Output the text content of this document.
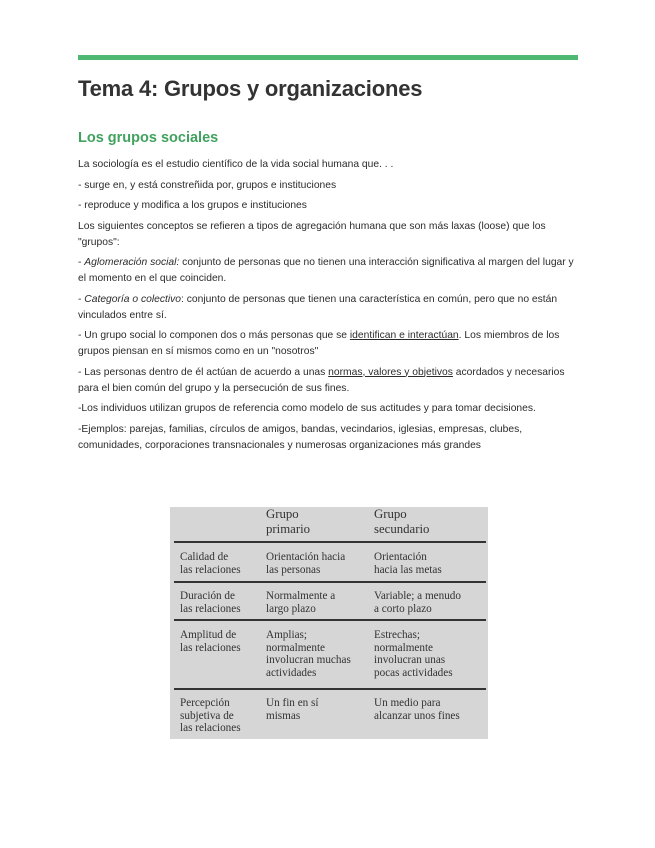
Tema 4: Grupos y organizaciones
Los grupos sociales

La sociología es el estudio científico de la vida social humana que. . .

- surge en, y está constreñida por, grupos e instituciones

- reproduce y modifica a los grupos e instituciones

Los siguientes conceptos se refieren a tipos de agregación humana que son más laxas (loose) que los "grupos":

- Aglomeración social: conjunto de personas que no tienen una interacción significativa al margen del lugar y el momento en el que coinciden.

- Categoría o colectivo: conjunto de personas que tienen una característica en común, pero que no están vinculados entre sí.

- Un grupo social lo componen dos o más personas que se identifican e interactúan. Los miembros de los grupos piensan en sí mismos como en un "nosotros"

- Las personas dentro de él actúan de acuerdo a unas normas, valores y objetivos acordados y necesarios para el bien común del grupo y la persecución de sus fines.

-Los individuos utilizan grupos de referencia como modelo de sus actitudes y para tomar decisiones.

-Ejemplos: parejas, familias, círculos de amigos, bandas, vecindarios, iglesias, empresas, clubes, comunidades, corporaciones transnacionales y numerosas organizaciones más grandes

Grupo
primario
Grupo
secundario
Calidad de
las relaciones
Orientación hacia
las personas
Orientación
hacia las metas
Duración de
las relaciones
Normalmente a
largo plazo
Variable; a menudo
a corto plazo
Amplitud de
las relaciones
Amplias;
normalmente
involucran muchas
actividades
Estrechas;
normalmente
involucran unas
pocas actividades
Percepción
subjetiva de
las relaciones
Un fin en sí
mismas
Un medio para
alcanzar unos fines
